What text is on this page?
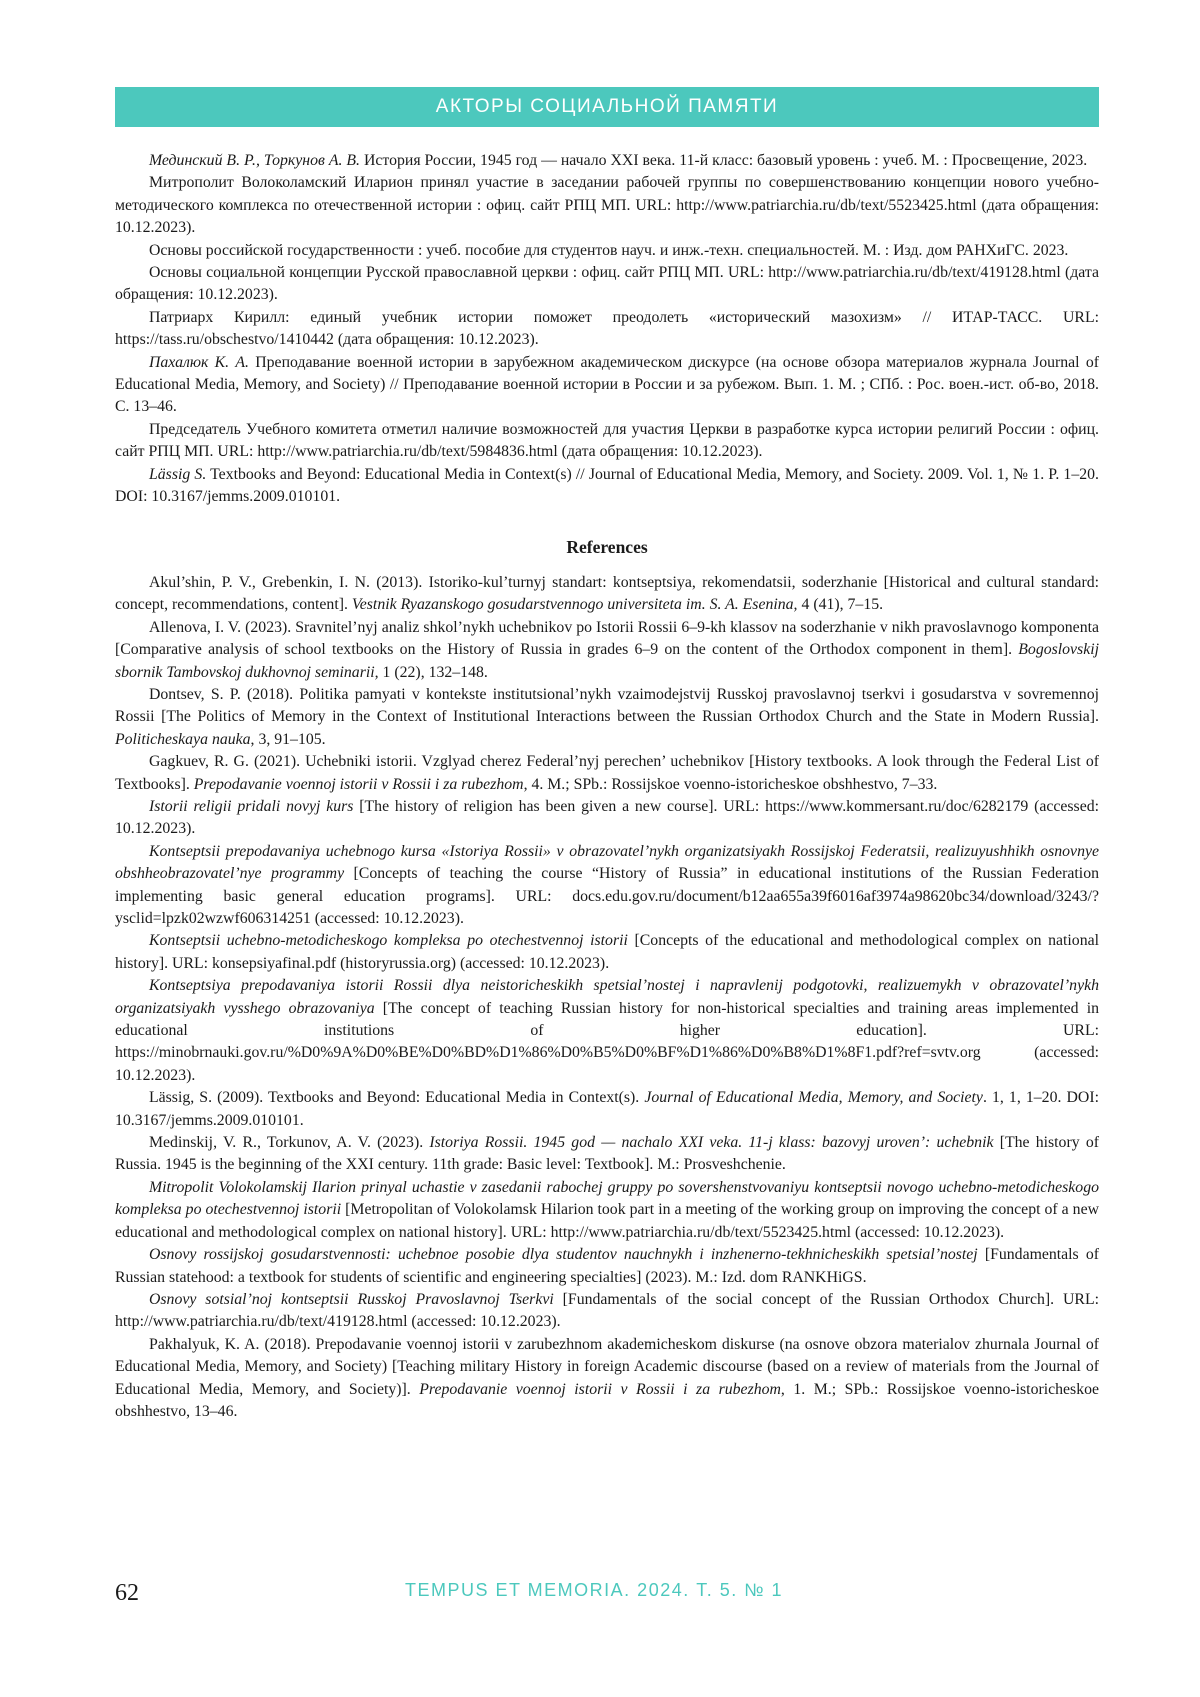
АКТОРЫ СОЦИАЛЬНОЙ ПАМЯТИ

Мединский В. Р., Торкунов А. В. История России, 1945 год — начало XXI века. 11-й класс: базовый уровень : учеб. М. : Просвещение, 2023.

Митрополит Волоколамский Иларион принял участие в заседании рабочей группы по совершенствованию концепции нового учебно-методического комплекса по отечественной истории : офиц. сайт РПЦ МП. URL: http://www.patriarchia.ru/db/text/5523425.html (дата обращения: 10.12.2023).

Основы российской государственности : учеб. пособие для студентов науч. и инж.-техн. специальностей. М. : Изд. дом РАНХиГС. 2023.

Основы социальной концепции Русской православной церкви : офиц. сайт РПЦ МП. URL: http://www.patriarchia.ru/db/text/419128.html (дата обращения: 10.12.2023).

Патриарх Кирилл: единый учебник истории поможет преодолеть «исторический мазохизм» // ИТАР-ТАСС. URL: https://tass.ru/obschestvo/1410442 (дата обращения: 10.12.2023).

Пахалюк К. А. Преподавание военной истории в зарубежном академическом дискурсе (на основе обзора материалов журнала Journal of Educational Media, Memory, and Society) // Преподавание военной истории в России и за рубежом. Вып. 1. М. ; СПб. : Рос. воен.-ист. об-во, 2018. С. 13–46.

Председатель Учебного комитета отметил наличие возможностей для участия Церкви в разработке курса истории религий России : офиц. сайт РПЦ МП. URL: http://www.patriarchia.ru/db/text/5984836.html (дата обращения: 10.12.2023).

Lässig S. Textbooks and Beyond: Educational Media in Context(s) // Journal of Educational Media, Memory, and Society. 2009. Vol. 1, № 1. P. 1–20. DOI: 10.3167/jemms.2009.010101.

References

Akul’shin, P. V., Grebenkin, I. N. (2013). Istoriko-kul’turnyj standart: kontseptsiya, rekomendatsii, soderzhanie [Historical and cultural standard: concept, recommendations, content]. Vestnik Ryazanskogo gosudarstvennogo universiteta im. S. A. Esenina, 4 (41), 7–15.

Allenova, I. V. (2023). Sravnitel’nyj analiz shkol’nykh uchebnikov po Istorii Rossii 6–9-kh klassov na soderzhanie v nikh pravoslavnogo komponenta [Comparative analysis of school textbooks on the History of Russia in grades 6–9 on the content of the Orthodox component in them]. Bogoslovskij sbornik Tambovskoj dukhovnoj seminarii, 1 (22), 132–148.

Dontsev, S. P. (2018). Politika pamyati v kontekste institutsional’nykh vzaimodejstvij Russkoj pravoslavnoj tserkvi i gosudarstva v sovremennoj Rossii [The Politics of Memory in the Context of Institutional Interactions between the Russian Orthodox Church and the State in Modern Russia]. Politicheskaya nauka, 3, 91–105.

Gagkuev, R. G. (2021). Uchebniki istorii. Vzglyad cherez Federal’nyj perechen’ uchebnikov [History textbooks. A look through the Federal List of Textbooks]. Prepodavanie voennoj istorii v Rossii i za rubezhom, 4. M.; SPb.: Rossijskoe voenno-istoricheskoe obshhestvo, 7–33.

Istorii religii pridali novyj kurs [The history of religion has been given a new course]. URL: https://www.kommersant.ru/doc/6282179 (accessed: 10.12.2023).

Kontseptsii prepodavaniya uchebnogo kursa «Istoriya Rossii» v obrazovatel’nykh organizatsiyakh Rossijskoj Federatsii, realizuyushhikh osnovnye obshheobrazovatel’nye programmy [Concepts of teaching the course “History of Russia” in educational institutions of the Russian Federation implementing basic general education programs]. URL: docs.edu.gov.ru/document/b12aa655a39f6016af3974a98620bc34/download/3243/?ysclid=lpzk02wzwf606314251 (accessed: 10.12.2023).

Kontseptsii uchebno-metodicheskogo kompleksa po otechestvennoj istorii [Concepts of the educational and methodological complex on national history]. URL: konsepsiyafinal.pdf (historyrussia.org) (accessed: 10.12.2023).

Kontseptsiya prepodavaniya istorii Rossii dlya neistoricheskikh spetsial’nostej i napravlenij podgotovki, realizuemykh v obrazovatel’nykh organizatsiyakh vysshego obrazovaniya [The concept of teaching Russian history for non-historical specialties and training areas implemented in educational institutions of higher education]. URL: https://minobrnauki.gov.ru/%D0%9A%D0%BE%D0%BD%D1%86%D0%B5%D0%BF%D1%86%D0%B8%D1%8F1.pdf?ref=svtv.org (accessed: 10.12.2023).

Lässig, S. (2009). Textbooks and Beyond: Educational Media in Context(s). Journal of Educational Media, Memory, and Society. 1, 1, 1–20. DOI: 10.3167/jemms.2009.010101.

Medinskij, V. R., Torkunov, A. V. (2023). Istoriya Rossii. 1945 god — nachalo XXI veka. 11-j klass: bazovyj uroven’: uchebnik [The history of Russia. 1945 is the beginning of the XXI century. 11th grade: Basic level: Textbook]. M.: Prosveshchenie.

Mitropolit Volokolamskij Ilarion prinyal uchastie v zasedanii rabochej gruppy po sovershenstvovaniyu kontseptsii novogo uchebno-metodicheskogo kompleksa po otechestvennoj istorii [Metropolitan of Volokolamsk Hilarion took part in a meeting of the working group on improving the concept of a new educational and methodological complex on national history]. URL: http://www.patriarchia.ru/db/text/5523425.html (accessed: 10.12.2023).

Osnovy rossijskoj gosudarstvennosti: uchebnoe posobie dlya studentov nauchnykh i inzhenerno-tekhnicheskikh spetsial’nostej [Fundamentals of Russian statehood: a textbook for students of scientific and engineering specialties] (2023). M.: Izd. dom RANKHiGS.

Osnovy sotsial’noj kontseptsii Russkoj Pravoslavnoj Tserkvi [Fundamentals of the social concept of the Russian Orthodox Church]. URL: http://www.patriarchia.ru/db/text/419128.html (accessed: 10.12.2023).

Pakhalyuk, K. A. (2018). Prepodavanie voennoj istorii v zarubezhnom akademicheskom diskurse (na osnove obzora materialov zhurnala Journal of Educational Media, Memory, and Society) [Teaching military History in foreign Academic discourse (based on a review of materials from the Journal of Educational Media, Memory, and Society)]. Prepodavanie voennoj istorii v Rossii i za rubezhom, 1. M.; SPb.: Rossijskoe voenno-istoricheskoe obshhestvo, 13–46.

62	TEMPUS ET MEMORIA. 2024. Т. 5. № 1
